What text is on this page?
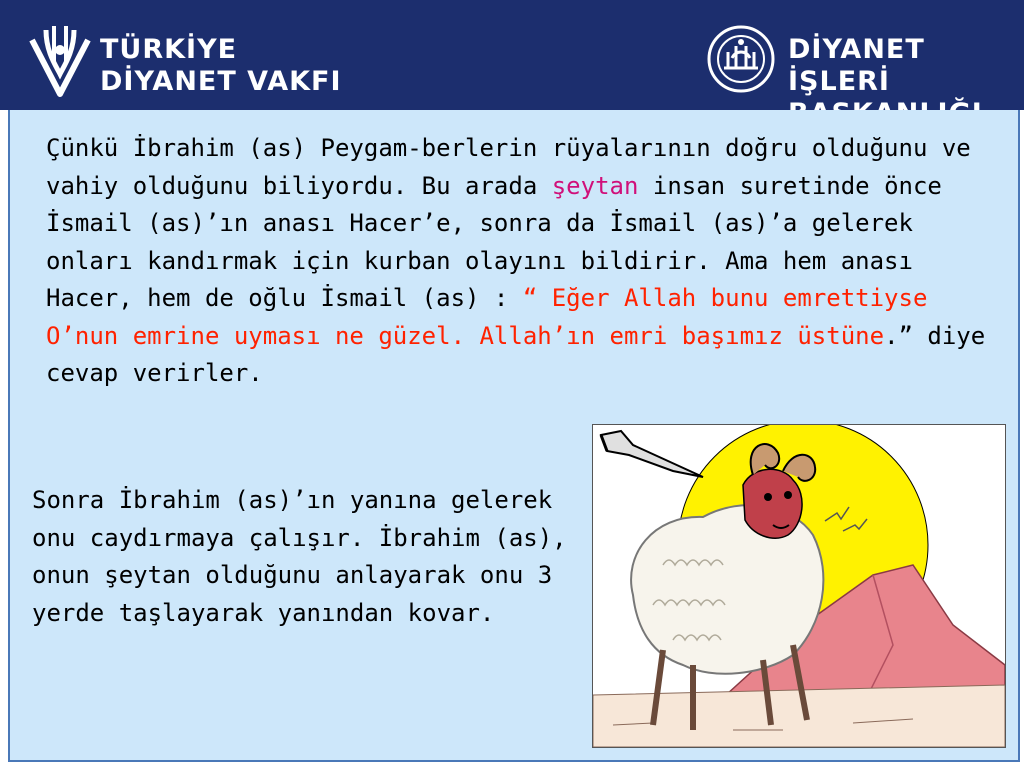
TÜRKİYE
DİYANET VAKFI
DİYANET İŞLERİ

Çünkü İbrahim (as) Peygam-berlerin rüyalarının doğru olduğunu ve vahiy olduğunu biliyordu. Bu arada şeytan insan suretinde önce İsmail (as)’ın anası Hacer’e, sonra da İsmail (as)’a gelerek onları kandırmak için kurban olayını bildirir. Ama hem anası Hacer, hem de oğlu İsmail (as) : “ Eğer Allah bunu emrettiyse O’nun emrine uyması ne güzel. Allah’ın emri başımız üstüne.” diye cevap verirler.

Sonra İbrahim (as)’ın yanına gelerek onu caydırmaya çalışır. İbrahim (as), onun şeytan olduğunu anlayarak onu 3 yerde taşlayarak yanından kovar.
